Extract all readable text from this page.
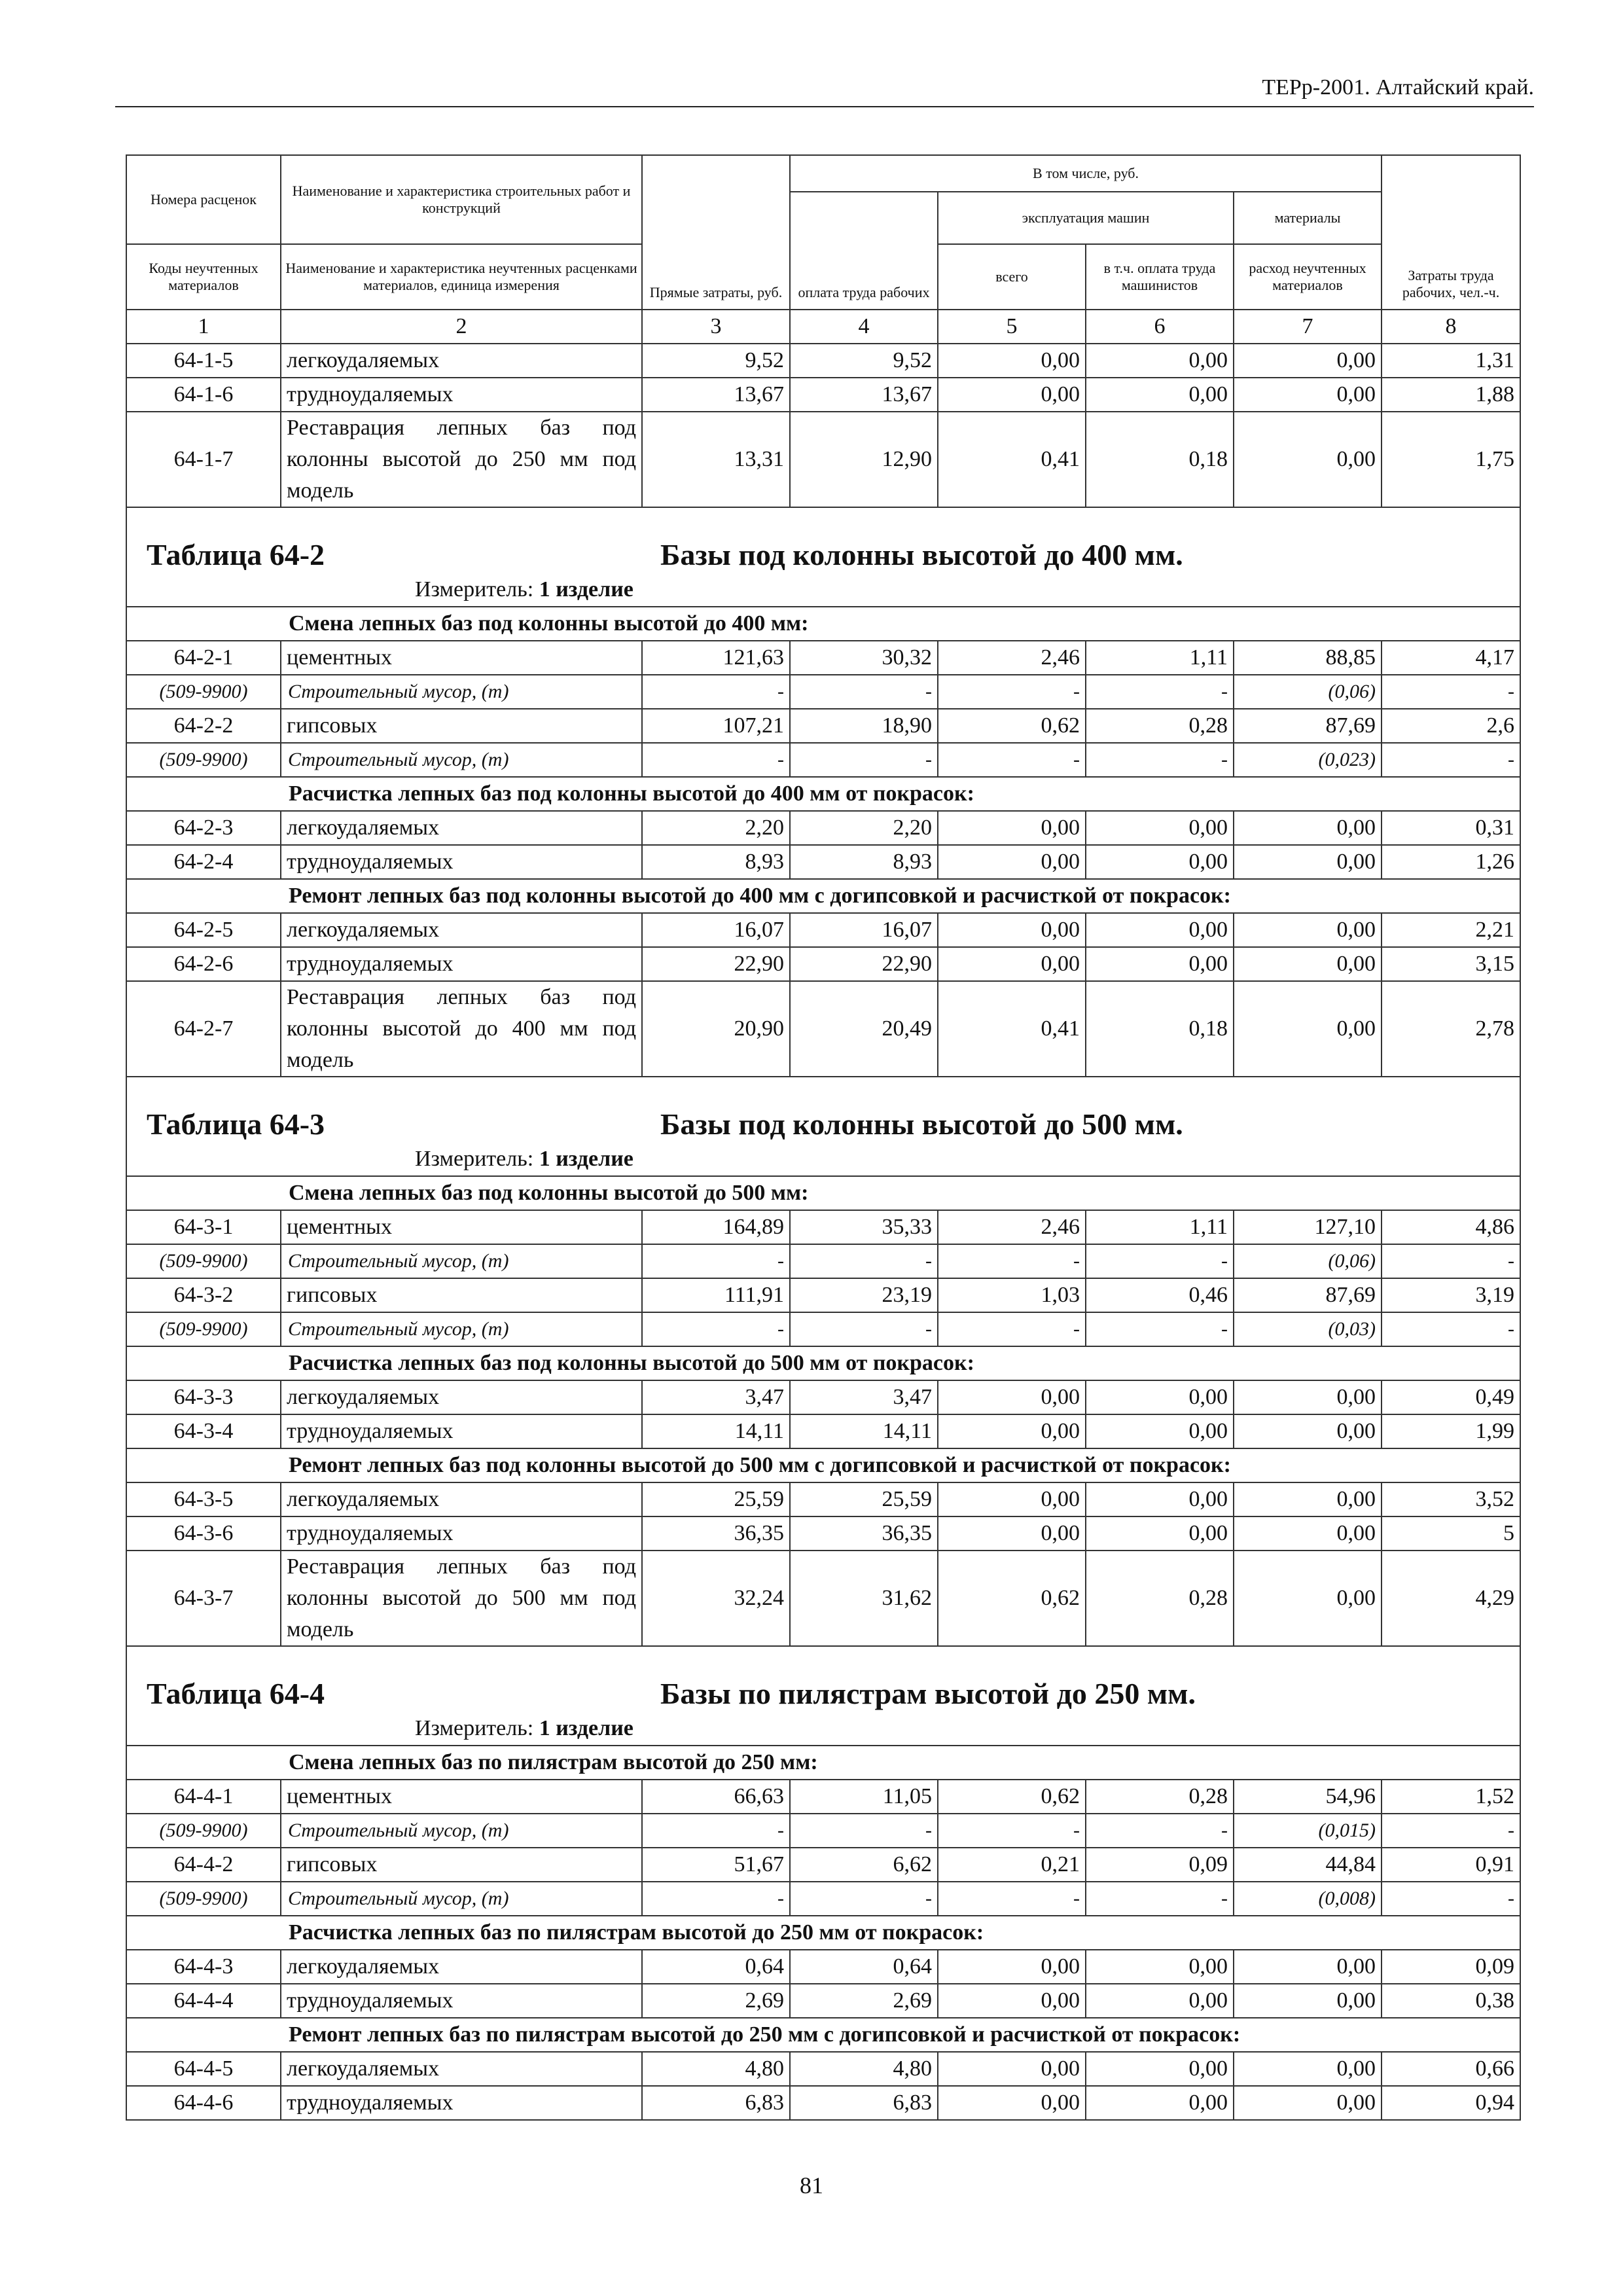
ТЕРр-2001. Алтайский край.
Номера расценок	Наименование и характеристика строительных работ и конструкций	Прямые затраты, руб.	В том числе, руб.				Затраты труда рабочих, чел.-ч.
			оплата труда рабочих	эксплуатация машин		материалы	
Коды неучтенных материалов	Наименование и характеристика неучтенных расценками материалов, единица измерения			всего	в т.ч. оплата труда машинистов	расход неучтенных материалов	
1	2	3	4	5	6	7	8
64-1-5	легкоудаляемых	9,52	9,52	0,00	0,00	0,00	1,31
64-1-6	трудноудаляемых	13,67	13,67	0,00	0,00	0,00	1,88
64-1-7	Реставрация лепных баз под колонны высотой до 250 мм под модель	13,31	12,90	0,41	0,18	0,00	1,75

Таблица 64-2 Базы под колонны высотой до 400 мм.							

Измеритель: 1 изделие							

	Смена лепных баз под колонны высотой до 400 мм:						
64-2-1	цементных	121,63	30,32	2,46	1,11	88,85	4,17
(509-9900)	Строительный мусор, (т)	-	-	-	-	(0,06)	-
64-2-2	гипсовых	107,21	18,90	0,62	0,28	87,69	2,6
(509-9900)	Строительный мусор, (т)	-	-	-	-	(0,023)	-
	Расчистка лепных баз под колонны высотой до 400 мм от покрасок:						
64-2-3	легкоудаляемых	2,20	2,20	0,00	0,00	0,00	0,31
64-2-4	трудноудаляемых	8,93	8,93	0,00	0,00	0,00	1,26
	Ремонт лепных баз под колонны высотой до 400 мм с догипсовкой и расчисткой от покрасок:						
64-2-5	легкоудаляемых	16,07	16,07	0,00	0,00	0,00	2,21
64-2-6	трудноудаляемых	22,90	22,90	0,00	0,00	0,00	3,15
64-2-7	Реставрация лепных баз под колонны высотой до 400 мм под модель	20,90	20,49	0,41	0,18	0,00	2,78

Таблица 64-3 Базы под колонны высотой до 500 мм.							

Измеритель: 1 изделие							

	Смена лепных баз под колонны высотой до 500 мм:						
64-3-1	цементных	164,89	35,33	2,46	1,11	127,10	4,86
(509-9900)	Строительный мусор, (т)	-	-	-	-	(0,06)	-
64-3-2	гипсовых	111,91	23,19	1,03	0,46	87,69	3,19
(509-9900)	Строительный мусор, (т)	-	-	-	-	(0,03)	-
	Расчистка лепных баз под колонны высотой до 500 мм от покрасок:						
64-3-3	легкоудаляемых	3,47	3,47	0,00	0,00	0,00	0,49
64-3-4	трудноудаляемых	14,11	14,11	0,00	0,00	0,00	1,99
	Ремонт лепных баз под колонны высотой до 500 мм с догипсовкой и расчисткой от покрасок:						
64-3-5	легкоудаляемых	25,59	25,59	0,00	0,00	0,00	3,52
64-3-6	трудноудаляемых	36,35	36,35	0,00	0,00	0,00	5
64-3-7	Реставрация лепных баз под колонны высотой до 500 мм под модель	32,24	31,62	0,62	0,28	0,00	4,29

Таблица 64-4 Базы по пилястрам высотой до 250 мм.							

Измеритель: 1 изделие							

	Смена лепных баз по пилястрам высотой до 250 мм:						
64-4-1	цементных	66,63	11,05	0,62	0,28	54,96	1,52
(509-9900)	Строительный мусор, (т)	-	-	-	-	(0,015)	-
64-4-2	гипсовых	51,67	6,62	0,21	0,09	44,84	0,91
(509-9900)	Строительный мусор, (т)	-	-	-	-	(0,008)	-
	Расчистка лепных баз по пилястрам высотой до 250 мм от покрасок:						
64-4-3	легкоудаляемых	0,64	0,64	0,00	0,00	0,00	0,09
64-4-4	трудноудаляемых	2,69	2,69	0,00	0,00	0,00	0,38
	Ремонт лепных баз по пилястрам высотой до 250 мм с догипсовкой и расчисткой от покрасок:						
64-4-5	легкоудаляемых	4,80	4,80	0,00	0,00	0,00	0,66
64-4-6	трудноудаляемых	6,83	6,83	0,00	0,00	0,00	0,94
81
